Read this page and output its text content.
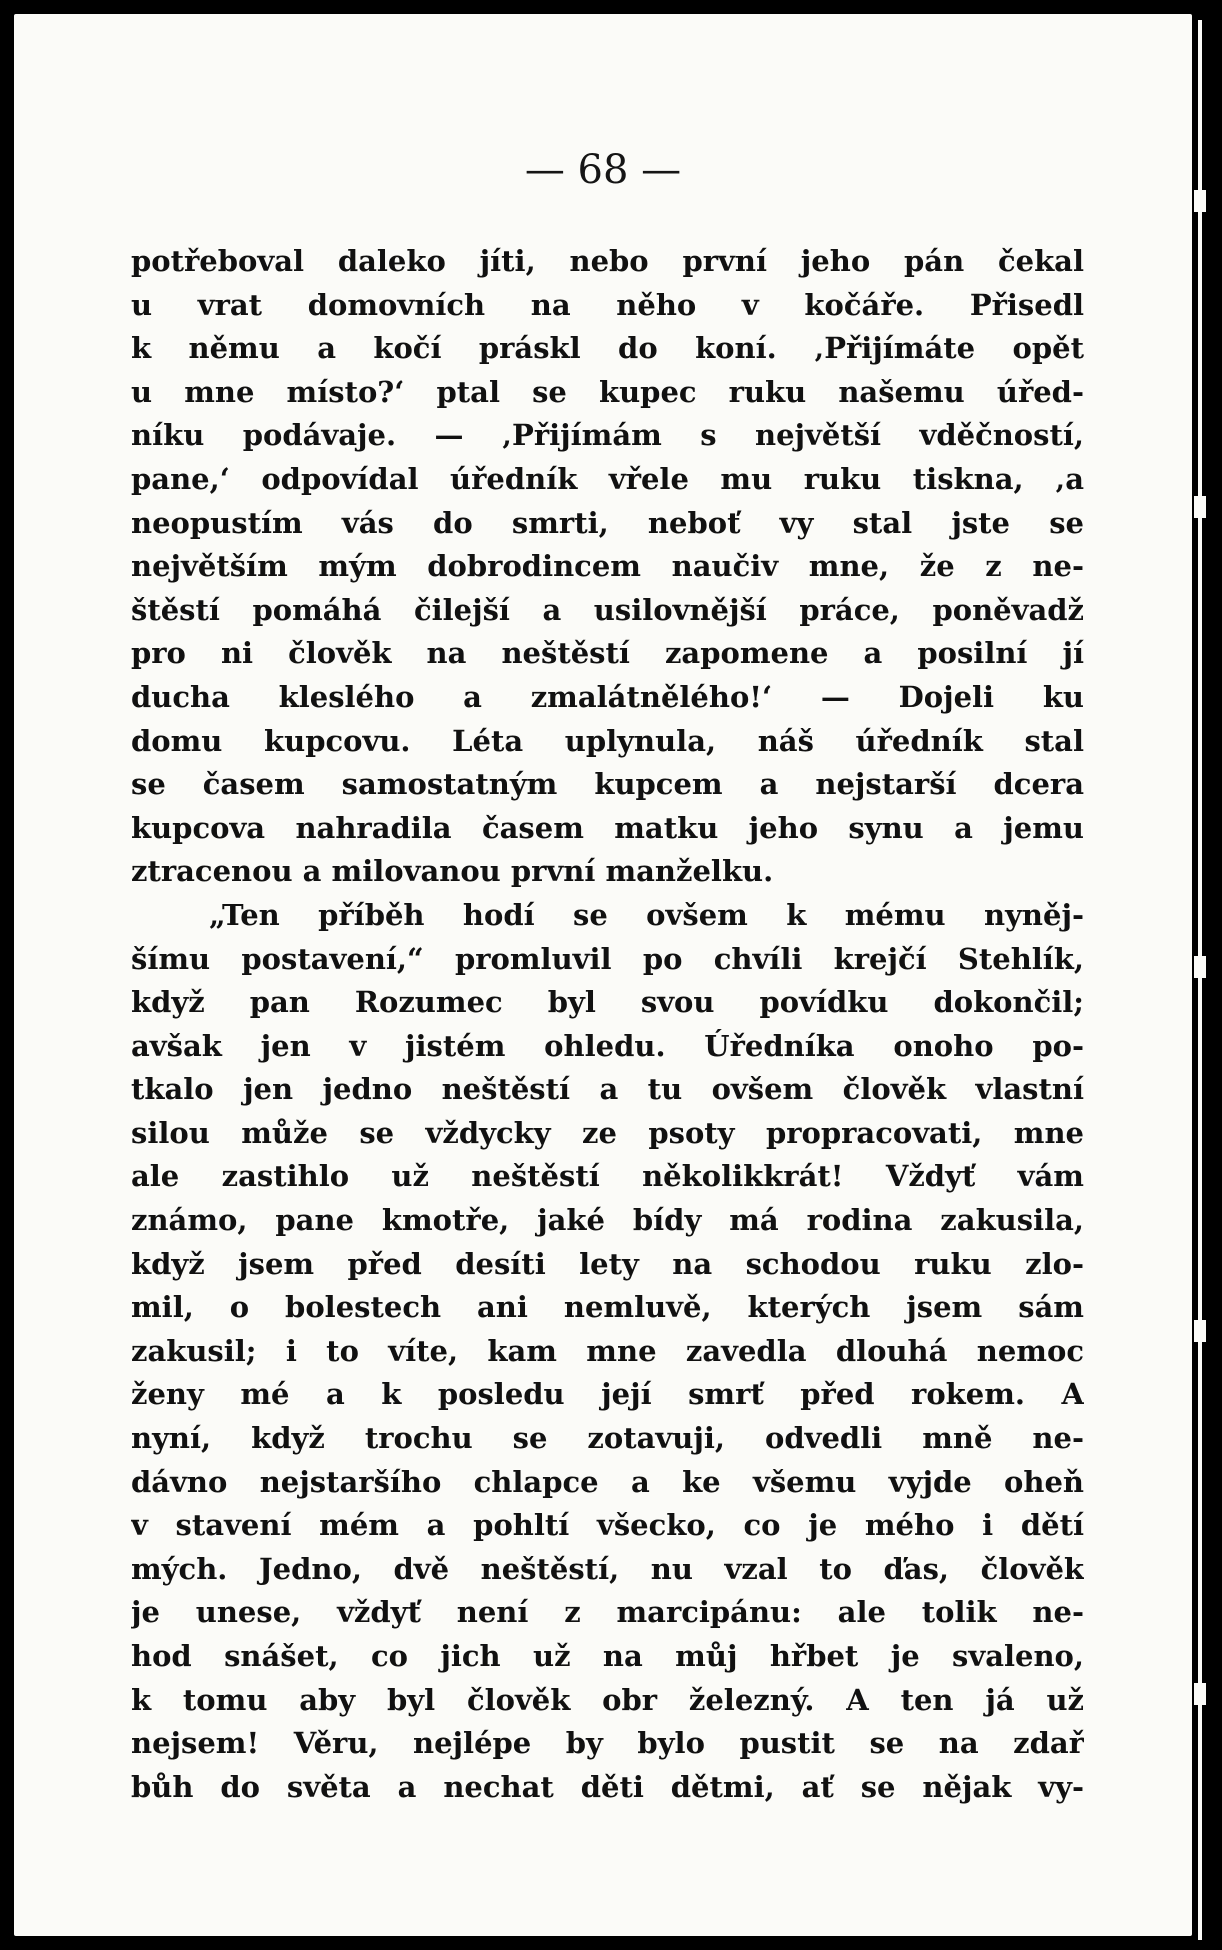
— 68 —
potřeboval daleko jíti, nebo první jeho pán čekal
u vrat domovních na něho v kočáře. Přisedl
k němu a kočí práskl do koní. ‚Přijímáte opět
u mne místo?‘ ptal se kupec ruku našemu úřed-
níku podávaje. — ‚Přijímám s největší vděčností,
pane,‘ odpovídal úředník vřele mu ruku tiskna, ‚a
neopustím vás do smrti, neboť vy stal jste se
největším mým dobrodincem naučiv mne, že z ne-
štěstí pomáhá čilejší a usilovnější práce, poněvadž
pro ni člověk na neštěstí zapomene a posilní jí
ducha kleslého a zmalátnělého!‘ — Dojeli ku
domu kupcovu. Léta uplynula, náš úředník stal
se časem samostatným kupcem a nejstarší dcera
kupcova nahradila časem matku jeho synu a jemu
ztracenou a milovanou první manželku.
„Ten příběh hodí se ovšem k mému nyněj-
šímu postavení,“ promluvil po chvíli krejčí Stehlík,
když pan Rozumec byl svou povídku dokončil;
avšak jen v jistém ohledu. Úředníka onoho po-
tkalo jen jedno neštěstí a tu ovšem člověk vlastní
silou může se vždycky ze psoty propracovati, mne
ale zastihlo už neštěstí několikkrát! Vždyť vám
známo, pane kmotře, jaké bídy má rodina zakusila,
když jsem před desíti lety na schodou ruku zlo-
mil, o bolestech ani nemluvě, kterých jsem sám
zakusil; i to víte, kam mne zavedla dlouhá nemoc
ženy mé a k posledu její smrť před rokem. A
nyní, když trochu se zotavuji, odvedli mně ne-
dávno nejstaršího chlapce a ke všemu vyjde oheň
v stavení mém a pohltí všecko, co je mého i dětí
mých. Jedno, dvě neštěstí, nu vzal to ďas, člověk
je unese, vždyť není z marcipánu: ale tolik ne-
hod snášet, co jich už na můj hřbet je svaleno,
k tomu aby byl člověk obr železný. A ten já už
nejsem! Věru, nejlépe by bylo pustit se na zdař
bůh do světa a nechat děti dětmi, ať se nějak vy-
